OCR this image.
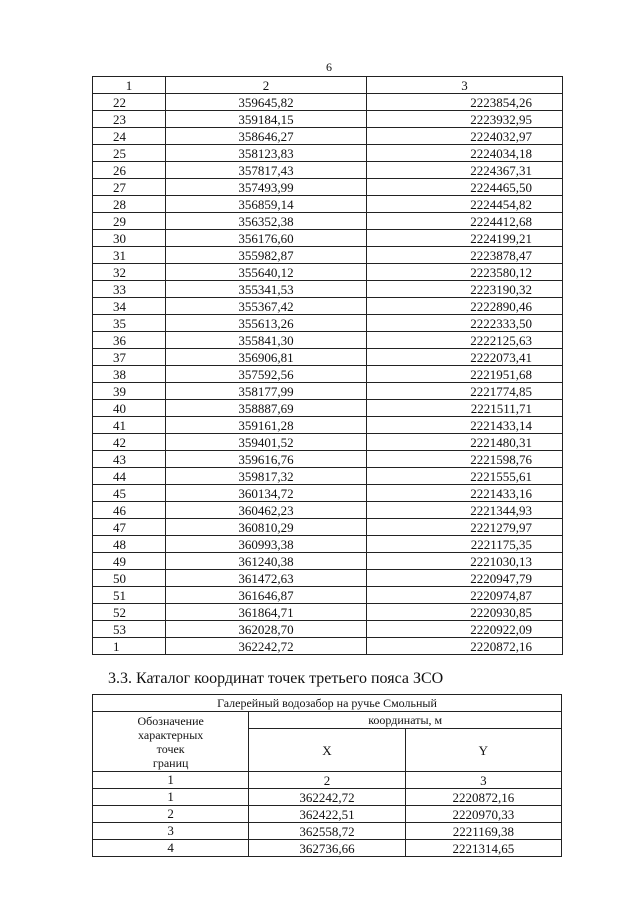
6
1	2	3
22	359645,82	2223854,26
23	359184,15	2223932,95
24	358646,27	2224032,97
25	358123,83	2224034,18
26	357817,43	2224367,31
27	357493,99	2224465,50
28	356859,14	2224454,82
29	356352,38	2224412,68
30	356176,60	2224199,21
31	355982,87	2223878,47
32	355640,12	2223580,12
33	355341,53	2223190,32
34	355367,42	2222890,46
35	355613,26	2222333,50
36	355841,30	2222125,63
37	356906,81	2222073,41
38	357592,56	2221951,68
39	358177,99	2221774,85
40	358887,69	2221511,71
41	359161,28	2221433,14
42	359401,52	2221480,31
43	359616,76	2221598,76
44	359817,32	2221555,61
45	360134,72	2221433,16
46	360462,23	2221344,93
47	360810,29	2221279,97
48	360993,38	2221175,35
49	361240,38	2221030,13
50	361472,63	2220947,79
51	361646,87	2220974,87
52	361864,71	2220930,85
53	362028,70	2220922,09
1	362242,72	2220872,16
3.3. Каталог координат точек третьего пояса ЗСО
Галерейный водозабор на ручье Смольный		
Обозначение
характерных
точек
границ	координаты, м	
	X	Y
1	2	3
1	362242,72	2220872,16
2	362422,51	2220970,33
3	362558,72	2221169,38
4	362736,66	2221314,65
